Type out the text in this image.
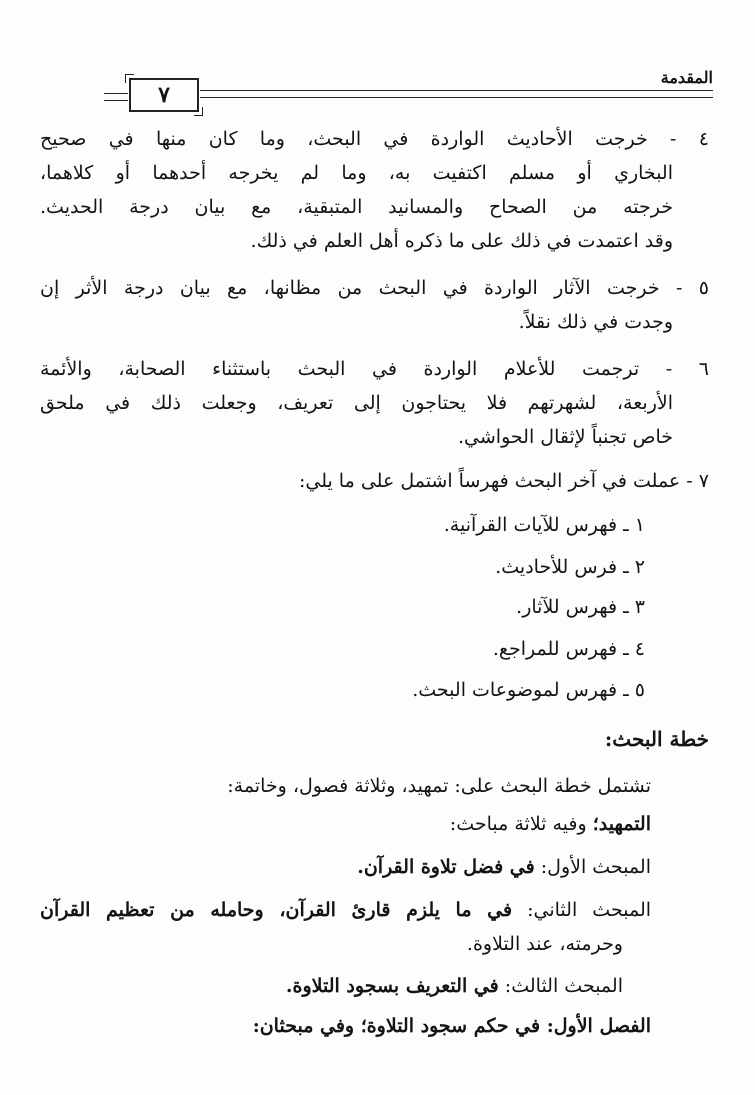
المقدمة
٧
٤ - خرجت الأحاديث الواردة في البحث، وما كان منها في صحيح
البخاري أو مسلم اكتفيت به، وما لم يخرجه أحدهما أو كلاهما،
خرجته من الصحاح والمسانيد المتبقية، مع بيان درجة الحديث.
وقد اعتمدت في ذلك على ما ذكره أهل العلم في ذلك.
٥ - خرجت الآثار الواردة في البحث من مظانها، مع بيان درجة الأثر إن
وجدت في ذلك نقلاً.
٦ - ترجمت للأعلام الواردة في البحث باستثناء الصحابة، والأئمة
الأربعة، لشهرتهم فلا يحتاجون إلى تعريف، وجعلت ذلك في ملحق
خاص تجنباً لإثقال الحواشي.
٧ - عملت في آخر البحث فهرساً اشتمل على ما يلي:
١ ـ فهرس للآيات القرآنية.
٢ ـ فرس للأحاديث.
٣ ـ فهرس للآثار.
٤ ـ فهرس للمراجع.
٥ ـ فهرس لموضوعات البحث.
خطة البحث:
تشتمل خطة البحث على: تمهيد، وثلاثة فصول، وخاتمة:
التمهيد؛ وفيه ثلاثة مباحث:
المبحث الأول: في فضل تلاوة القرآن.
المبحث الثاني: في ما يلزم قارئ القرآن، وحامله من تعظيم القرآن
وحرمته، عند التلاوة.
المبحث الثالث: في التعريف بسجود التلاوة.
الفصل الأول: في حكم سجود التلاوة؛ وفي مبحثان:
